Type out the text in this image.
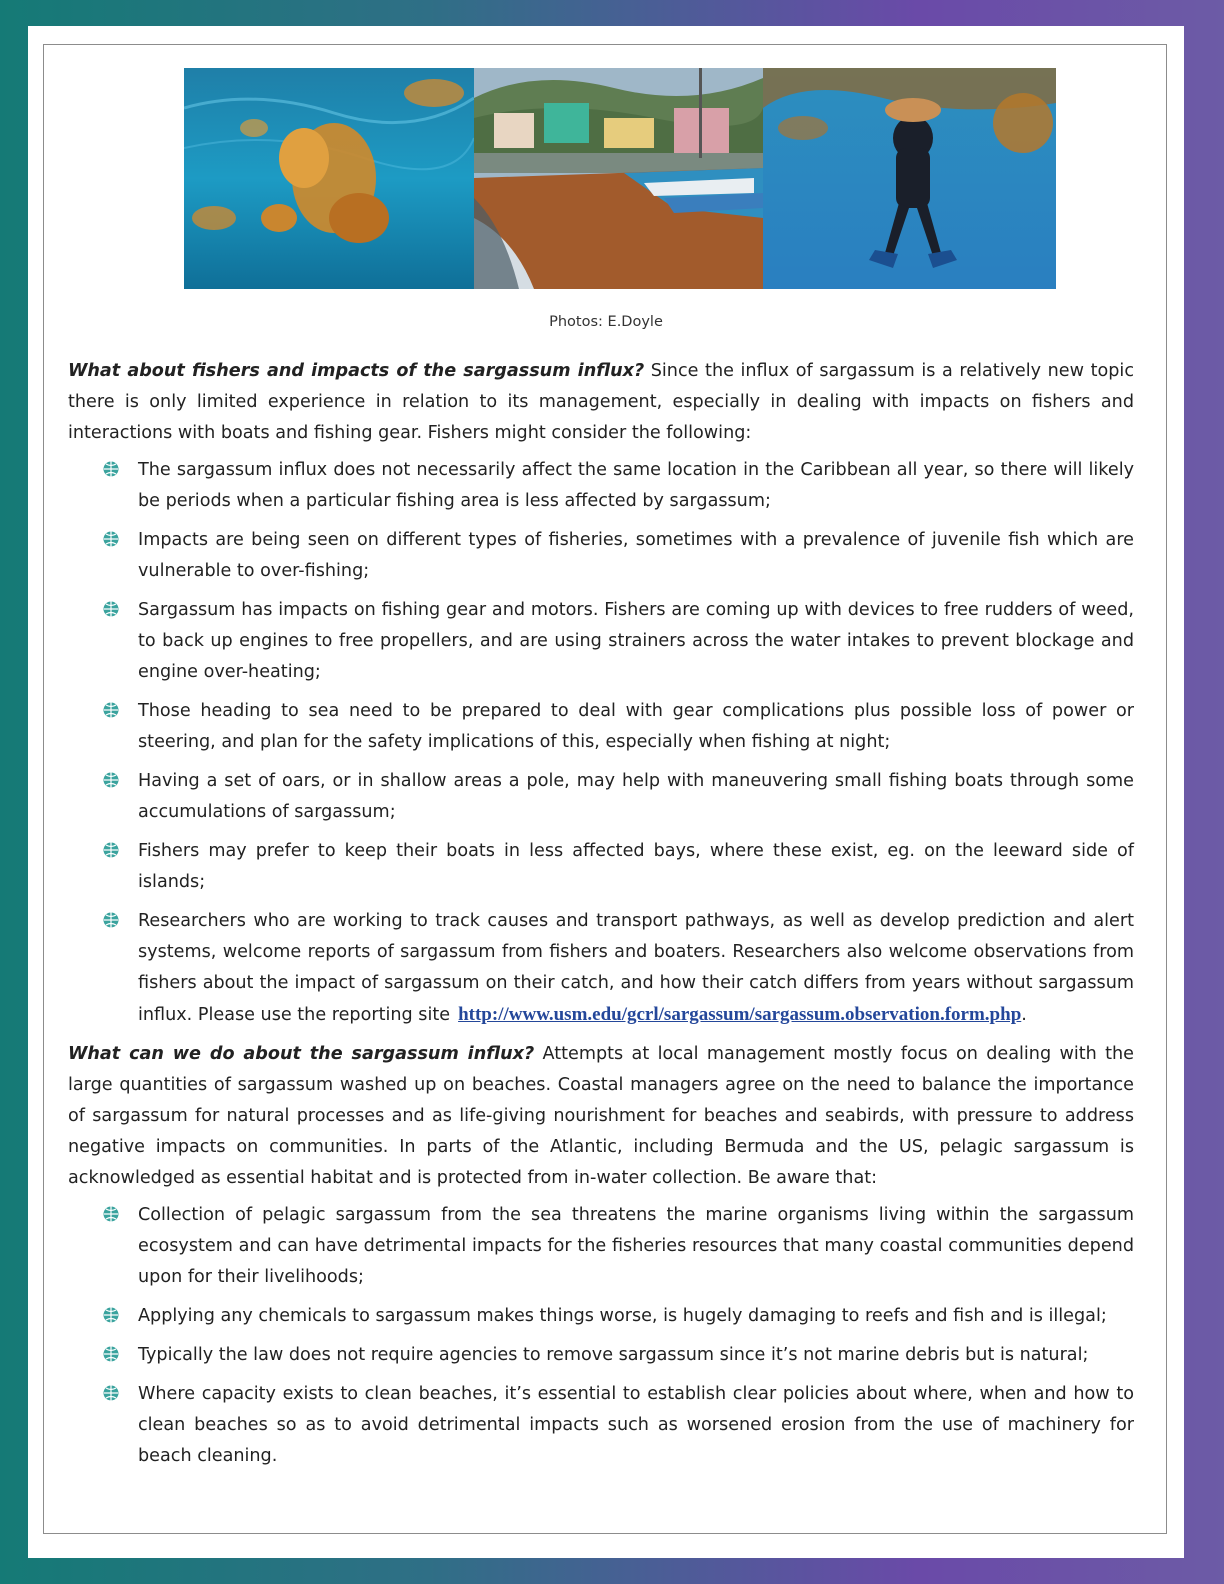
Photos: E.Doyle

What about fishers and impacts of the sargassum influx? Since the influx of sargassum is a relatively new topic there is only limited experience in relation to its management, especially in dealing with impacts on fishers and interactions with boats and fishing gear. Fishers might consider the following:

The sargassum influx does not necessarily affect the same location in the Caribbean all year, so there will likely be periods when a particular fishing area is less affected by sargassum;
Impacts are being seen on different types of fisheries, sometimes with a prevalence of juvenile fish which are vulnerable to over-fishing;
Sargassum has impacts on fishing gear and motors. Fishers are coming up with devices to free rudders of weed, to back up engines to free propellers, and are using strainers across the water intakes to prevent blockage and engine over-heating;
Those heading to sea need to be prepared to deal with gear complications plus possible loss of power or steering, and plan for the safety implications of this, especially when fishing at night;
Having a set of oars, or in shallow areas a pole, may help with maneuvering small fishing boats through some accumulations of sargassum;
Fishers may prefer to keep their boats in less affected bays, where these exist, eg. on the leeward side of islands;
Researchers who are working to track causes and transport pathways, as well as develop prediction and alert systems, welcome reports of sargassum from fishers and boaters. Researchers also welcome observations from fishers about the impact of sargassum on their catch, and how their catch differs from years without sargassum influx. Please use the reporting site http://www.usm.edu/gcrl/sargassum/sargassum.observation.form.php.

What can we do about the sargassum influx? Attempts at local management mostly focus on dealing with the large quantities of sargassum washed up on beaches. Coastal managers agree on the need to balance the importance of sargassum for natural processes and as life-giving nourishment for beaches and seabirds, with pressure to address negative impacts on communities. In parts of the Atlantic, including Bermuda and the US, pelagic sargassum is acknowledged as essential habitat and is protected from in-water collection. Be aware that:

Collection of pelagic sargassum from the sea threatens the marine organisms living within the sargassum ecosystem and can have detrimental impacts for the fisheries resources that many coastal communities depend upon for their livelihoods;
Applying any chemicals to sargassum makes things worse, is hugely damaging to reefs and fish and is illegal;
Typically the law does not require agencies to remove sargassum since it’s not marine debris but is natural;
Where capacity exists to clean beaches, it’s essential to establish clear policies about where, when and how to clean beaches so as to avoid detrimental impacts such as worsened erosion from the use of machinery for beach cleaning.
